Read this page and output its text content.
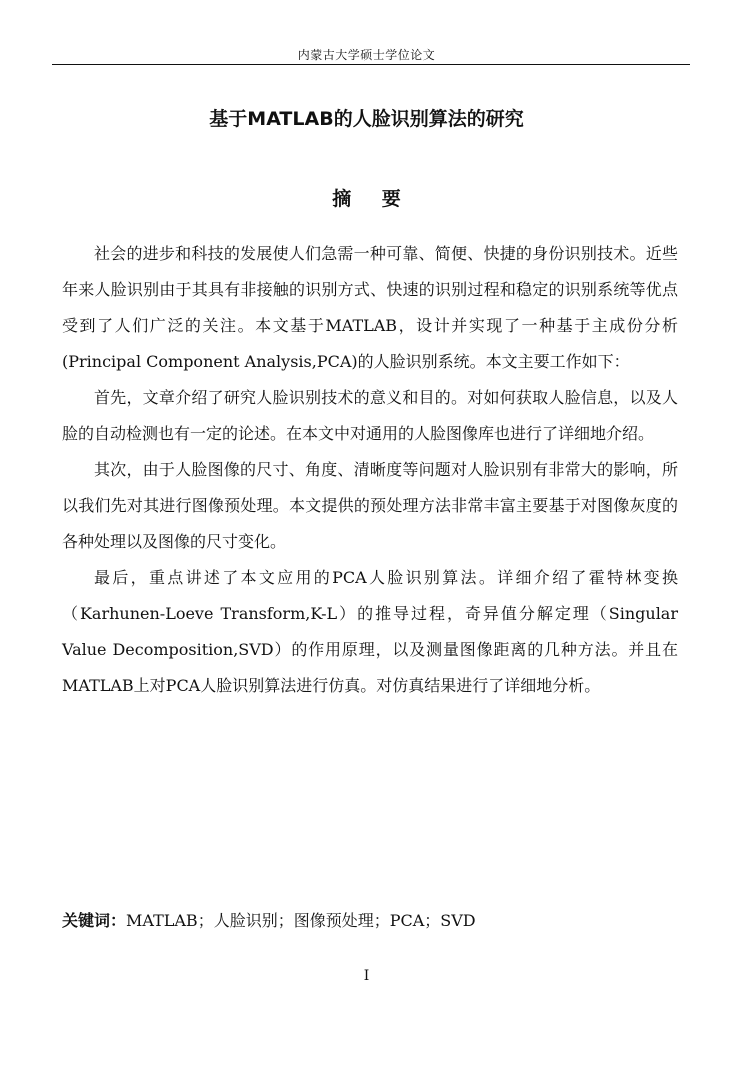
内蒙古大学硕士学位论文
基于MATLAB的人脸识别算法的研究
摘 要

社会的进步和科技的发展使人们急需一种可靠、简便、快捷的身份识别技术。近些年来人脸识别由于其具有非接触的识别方式、快速的识别过程和稳定的识别系统等优点受到了人们广泛的关注。本文基于MATLAB，设计并实现了一种基于主成份分析(Principal Component Analysis,PCA)的人脸识别系统。本文主要工作如下：

首先，文章介绍了研究人脸识别技术的意义和目的。对如何获取人脸信息，以及人脸的自动检测也有一定的论述。在本文中对通用的人脸图像库也进行了详细地介绍。

其次，由于人脸图像的尺寸、角度、清晰度等问题对人脸识别有非常大的影响，所以我们先对其进行图像预处理。本文提供的预处理方法非常丰富主要基于对图像灰度的各种处理以及图像的尺寸变化。

最后，重点讲述了本文应用的PCA人脸识别算法。详细介绍了霍特林变换（Karhunen-Loeve Transform,K-L）的推导过程，奇异值分解定理（Singular Value Decomposition,SVD）的作用原理，以及测量图像距离的几种方法。并且在MATLAB上对PCA人脸识别算法进行仿真。对仿真结果进行了详细地分析。

关键词：MATLAB；人脸识别；图像预处理；PCA；SVD
I
